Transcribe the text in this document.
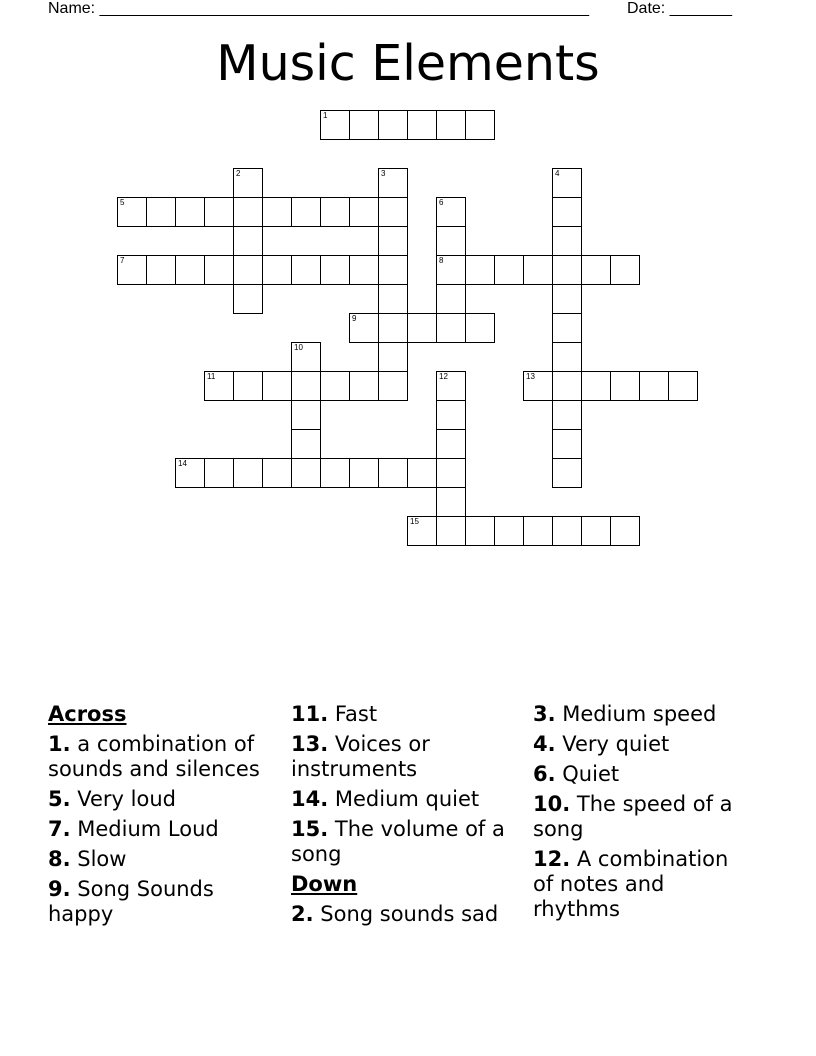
Name: _______________________________________________________ Date: _______
Music Elements
1
2	3	4
5	6
8
7
9
10
11	12	13
14
15
Across
1. a combination of sounds and silences
5. Very loud
7. Medium Loud
8. Slow
9. Song Sounds happy
11. Fast
13. Voices or instruments
14. Medium quiet
15. The volume of a song
Down
2. Song sounds sad
3. Medium speed
4. Very quiet
6. Quiet
10. The speed of a song
12. A combination of notes and rhythms
